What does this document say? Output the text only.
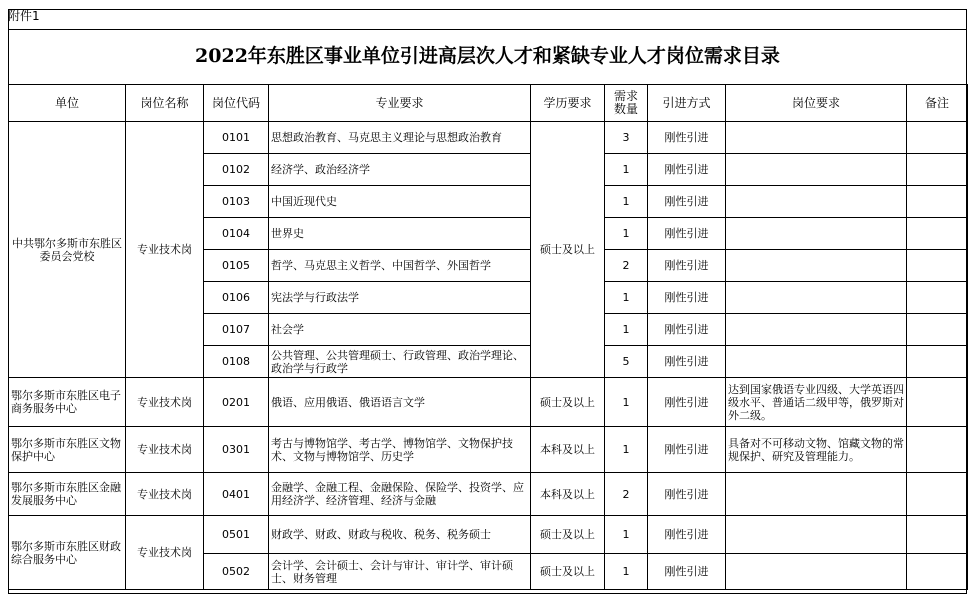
附件1
2022年东胜区事业单位引进高层次人才和紧缺专业人才岗位需求目录
单位	岗位名称	岗位代码	专业要求	学历要求	需求数量	引进方式	岗位要求	备注
中共鄂尔多斯市东胜区委员会党校	专业技术岗	0101	思想政治教育、马克思主义理论与思想政治教育	硕士及以上	3	刚性引进		
		0102	经济学、政治经济学		1	刚性引进		
		0103	中国近现代史		1	刚性引进		
		0104	世界史		1	刚性引进		
		0105	哲学、马克思主义哲学、中国哲学、外国哲学		2	刚性引进		
		0106	宪法学与行政法学		1	刚性引进		
		0107	社会学		1	刚性引进		
		0108	公共管理、公共管理硕士、行政管理、政治学理论、政治学与行政学		5	刚性引进		
鄂尔多斯市东胜区电子商务服务中心	专业技术岗	0201	俄语、应用俄语、俄语语言文学	硕士及以上	1	刚性引进	达到国家俄语专业四级、大学英语四级水平、普通话二级甲等，俄罗斯对外二级。	
鄂尔多斯市东胜区文物保护中心	专业技术岗	0301	考古与博物馆学、考古学、博物馆学、文物保护技术、文物与博物馆学、历史学	本科及以上	1	刚性引进	具备对不可移动文物、馆藏文物的常规保护、研究及管理能力。	
鄂尔多斯市东胜区金融发展服务中心	专业技术岗	0401	金融学、金融工程、金融保险、保险学、投资学、应用经济学、经济管理、经济与金融	本科及以上	2	刚性引进		
鄂尔多斯市东胜区财政综合服务中心	专业技术岗	0501	财政学、财政、财政与税收、税务、税务硕士	硕士及以上	1	刚性引进		
		0502	会计学、会计硕士、会计与审计、审计学、审计硕士、财务管理	硕士及以上	1	刚性引进		
